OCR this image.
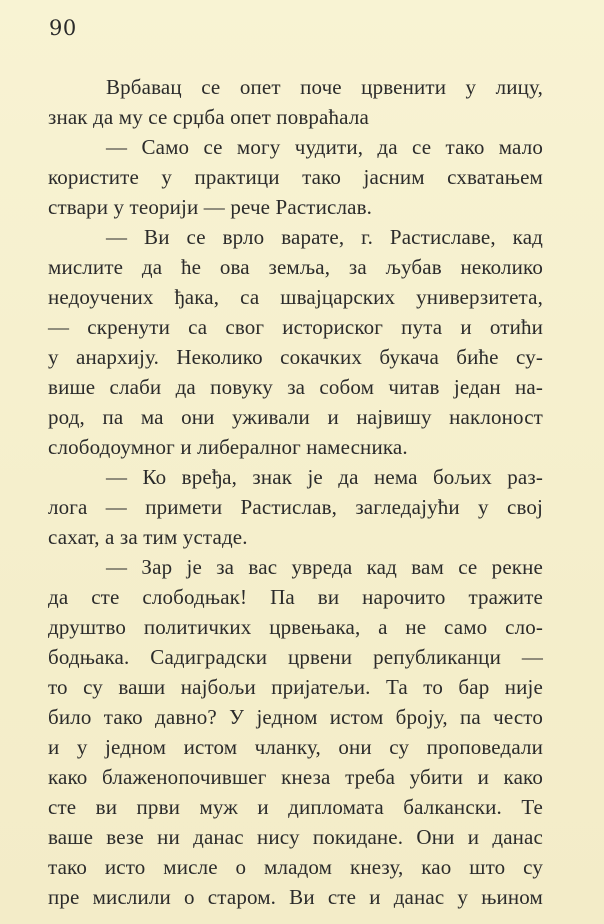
90
Врбавац се опет поче црвенити у лицу,
знак да му се срџба опет повраћала
— Само се могу чудити, да се тако мало
користите у практици тако јасним схватањем
ствари у теорији — рече Растислав.
— Ви се врло варате, г. Растиславе, кад
мислите да ће ова земља, за љубав неколико
недоучених ђака, са швајцарских универзитета,
— скренути са свог историског пута и отићи
у анархију. Неколико сокачких букача биће су-
више слаби да повуку за собом читав један на-
род, па ма они уживали и највишу наклоност
слободоумног и либералног намесника.
— Ко вређа, знак је да нема бољих раз-
лога — примети Растислав, загледајући у свој
сахат, а за тим устаде.
— Зар је за вас увреда кад вам се рекне
да сте слободњак! Па ви нарочито тражите
друштво политичких црвењака, а не само сло-
бодњака. Садиградски црвени републиканци —
то су ваши најбољи пријатељи. Та то бар није
било тако давно? У једном истом броју, па често
и у једном истом чланку, они су проповедали
како блаженопочившег кнеза треба убити и како
сте ви први муж и дипломата балкански. Те
ваше везе ни данас нису покидане. Они и данас
тако исто мисле о младом кнезу, као што су
пре мислили о старом. Ви сте и данас у њином
